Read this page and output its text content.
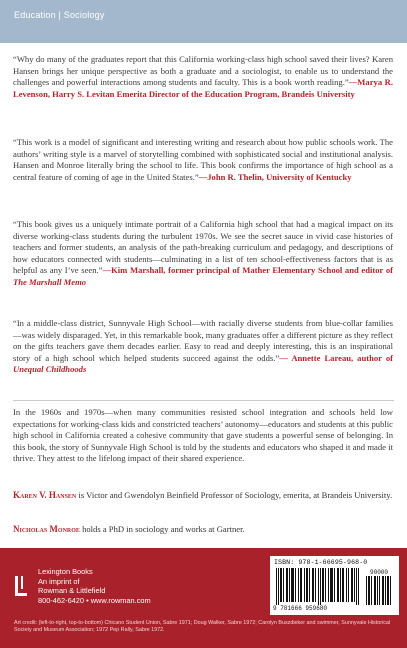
Education | Sociology
“Why do many of the graduates report that this California working-class high school saved their lives? Karen Hansen brings her unique perspective as both a graduate and a sociologist, to enable us to understand the challenges and powerful interactions among students and faculty. This is a book worth reading.”—Marya R. Levenson, Harry S. Levitan Emerita Director of the Education Program, Brandeis University
“This work is a model of significant and interesting writing and research about how public schools work. The authors’ writing style is a marvel of storytelling combined with sophisticated social and institutional analysis. Hansen and Monroe literally bring the school to life. This book confirms the importance of high school as a central feature of coming of age in the United States.”—John R. Thelin, University of Kentucky
“This book gives us a uniquely intimate portrait of a California high school that had a magical impact on its diverse working-class students during the turbulent 1970s. We see the secret sauce in vivid case histories of teachers and former students, an analysis of the path-breaking curriculum and pedagogy, and descriptions of how educators connected with students—culminating in a list of ten school-effectiveness factors that is as helpful as any I’ve seen.”—Kim Marshall, former principal of Mather Elementary School and editor of The Marshall Memo
“In a middle-class district, Sunnyvale High School—with racially diverse students from blue-collar families—was widely disparaged. Yet, in this remarkable book, many graduates offer a different picture as they reflect on the gifts teachers gave them decades earlier. Easy to read and deeply interesting, this is an inspirational story of a high school which helped students succeed against the odds.”— Annette Lareau, author of Unequal Childhoods
In the 1960s and 1970s—when many communities resisted school integration and schools held low expectations for working-class kids and constricted teachers’ autonomy—educators and students at this public high school in California created a cohesive community that gave students a powerful sense of belonging. In this book, the story of Sunnyvale High School is told by the students and educators who shaped it and made it thrive. They attest to the lifelong impact of their shared experience.
Karen V. Hansen is Victor and Gwendolyn Beinfield Professor of Sociology, emerita, at Brandeis University.
Nicholas Monroe holds a PhD in sociology and works at Gartner.
Lexington Books
An imprint of
Rowman & Littlefield
800-462-6420 • www.rowman.com
ISBN: 978-1-66695-968-0
90000
9 781666 959680
Art credit: (left-to-right, top-to-bottom) Chicano Student Union, Sabre 1971; Doug Walker, Sabre 1972; Carolyn Buszdieker and swimmer, Sunnyvale Historical Society and Museum Association; 1972 Pep Rally, Sabre 1972.
